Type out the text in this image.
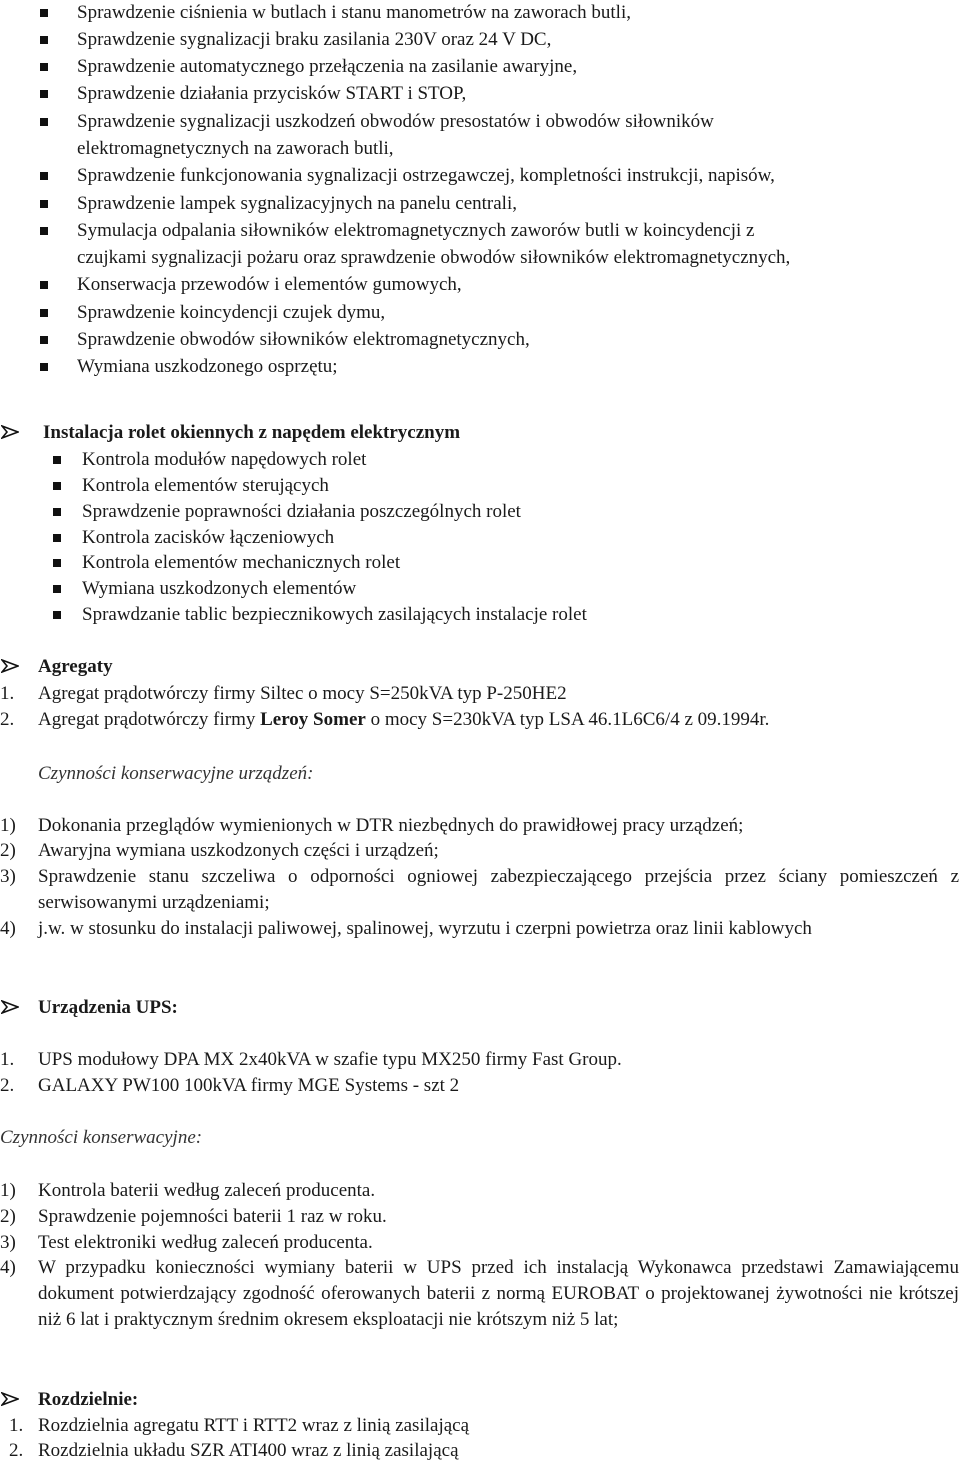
Sprawdzenie ciśnienia w butlach i stanu manometrów na zaworach butli,
Sprawdzenie sygnalizacji braku zasilania 230V oraz 24 V DC,
Sprawdzenie automatycznego przełączenia na zasilanie awaryjne,
Sprawdzenie działania przycisków START i STOP,
Sprawdzenie sygnalizacji uszkodzeń obwodów presostatów i obwodów siłowników
elektromagnetycznych na zaworach butli,
Sprawdzenie funkcjonowania sygnalizacji ostrzegawczej, kompletności instrukcji, napisów,
Sprawdzenie lampek sygnalizacyjnych na panelu centrali,
Symulacja odpalania siłowników elektromagnetycznych zaworów butli w koincydencji z
czujkami sygnalizacji pożaru oraz sprawdzenie obwodów siłowników elektromagnetycznych,
Konserwacja przewodów i elementów gumowych,
Sprawdzenie koincydencji czujek dymu,
Sprawdzenie obwodów siłowników elektromagnetycznych,
Wymiana uszkodzonego osprzętu;
Instalacja rolet okiennych z napędem elektrycznym
Kontrola modułów napędowych rolet
Kontrola elementów sterujących
Sprawdzenie poprawności działania poszczególnych rolet
Kontrola zacisków łączeniowych
Kontrola elementów mechanicznych rolet
Wymiana uszkodzonych elementów
Sprawdzanie tablic bezpiecznikowych zasilających instalacje rolet
Agregaty
1. Agregat prądotwórczy firmy Siltec o mocy S=250kVA typ P-250HE2
2. Agregat prądotwórczy firmy Leroy Somer o mocy S=230kVA typ LSA 46.1L6C6/4 z 09.1994r.
Czynności konserwacyjne urządzeń:
1) Dokonania przeglądów wymienionych w DTR niezbędnych do prawidłowej pracy urządzeń;
2) Awaryjna wymiana uszkodzonych części i urządzeń;
3) Sprawdzenie stanu szczeliwa o odporności ogniowej zabezpieczającego przejścia przez ściany pomieszczeń z serwisowanymi urządzeniami;
4) j.w. w stosunku do instalacji paliwowej, spalinowej, wyrzutu i czerpni powietrza oraz linii kablowych
Urządzenia UPS:
1. UPS modułowy DPA MX 2x40kVA w szafie typu MX250 firmy Fast Group.
2. GALAXY PW100 100kVA firmy MGE Systems - szt 2
Czynności konserwacyjne:
1) Kontrola baterii według zaleceń producenta.
2) Sprawdzenie pojemności baterii 1 raz w roku.
3) Test elektroniki według zaleceń producenta.
4) W przypadku konieczności wymiany baterii w UPS przed ich instalacją Wykonawca przedstawi Zamawiającemu dokument potwierdzający zgodność oferowanych baterii z normą EUROBAT o projektowanej żywotności nie krótszej niż 6 lat i praktycznym średnim okresem eksploatacji nie krótszym niż 5 lat;
Rozdzielnie:
1. Rozdzielnia agregatu RTT i RTT2 wraz z linią zasilającą
2. Rozdzielnia układu SZR ATI400 wraz z linią zasilającą
